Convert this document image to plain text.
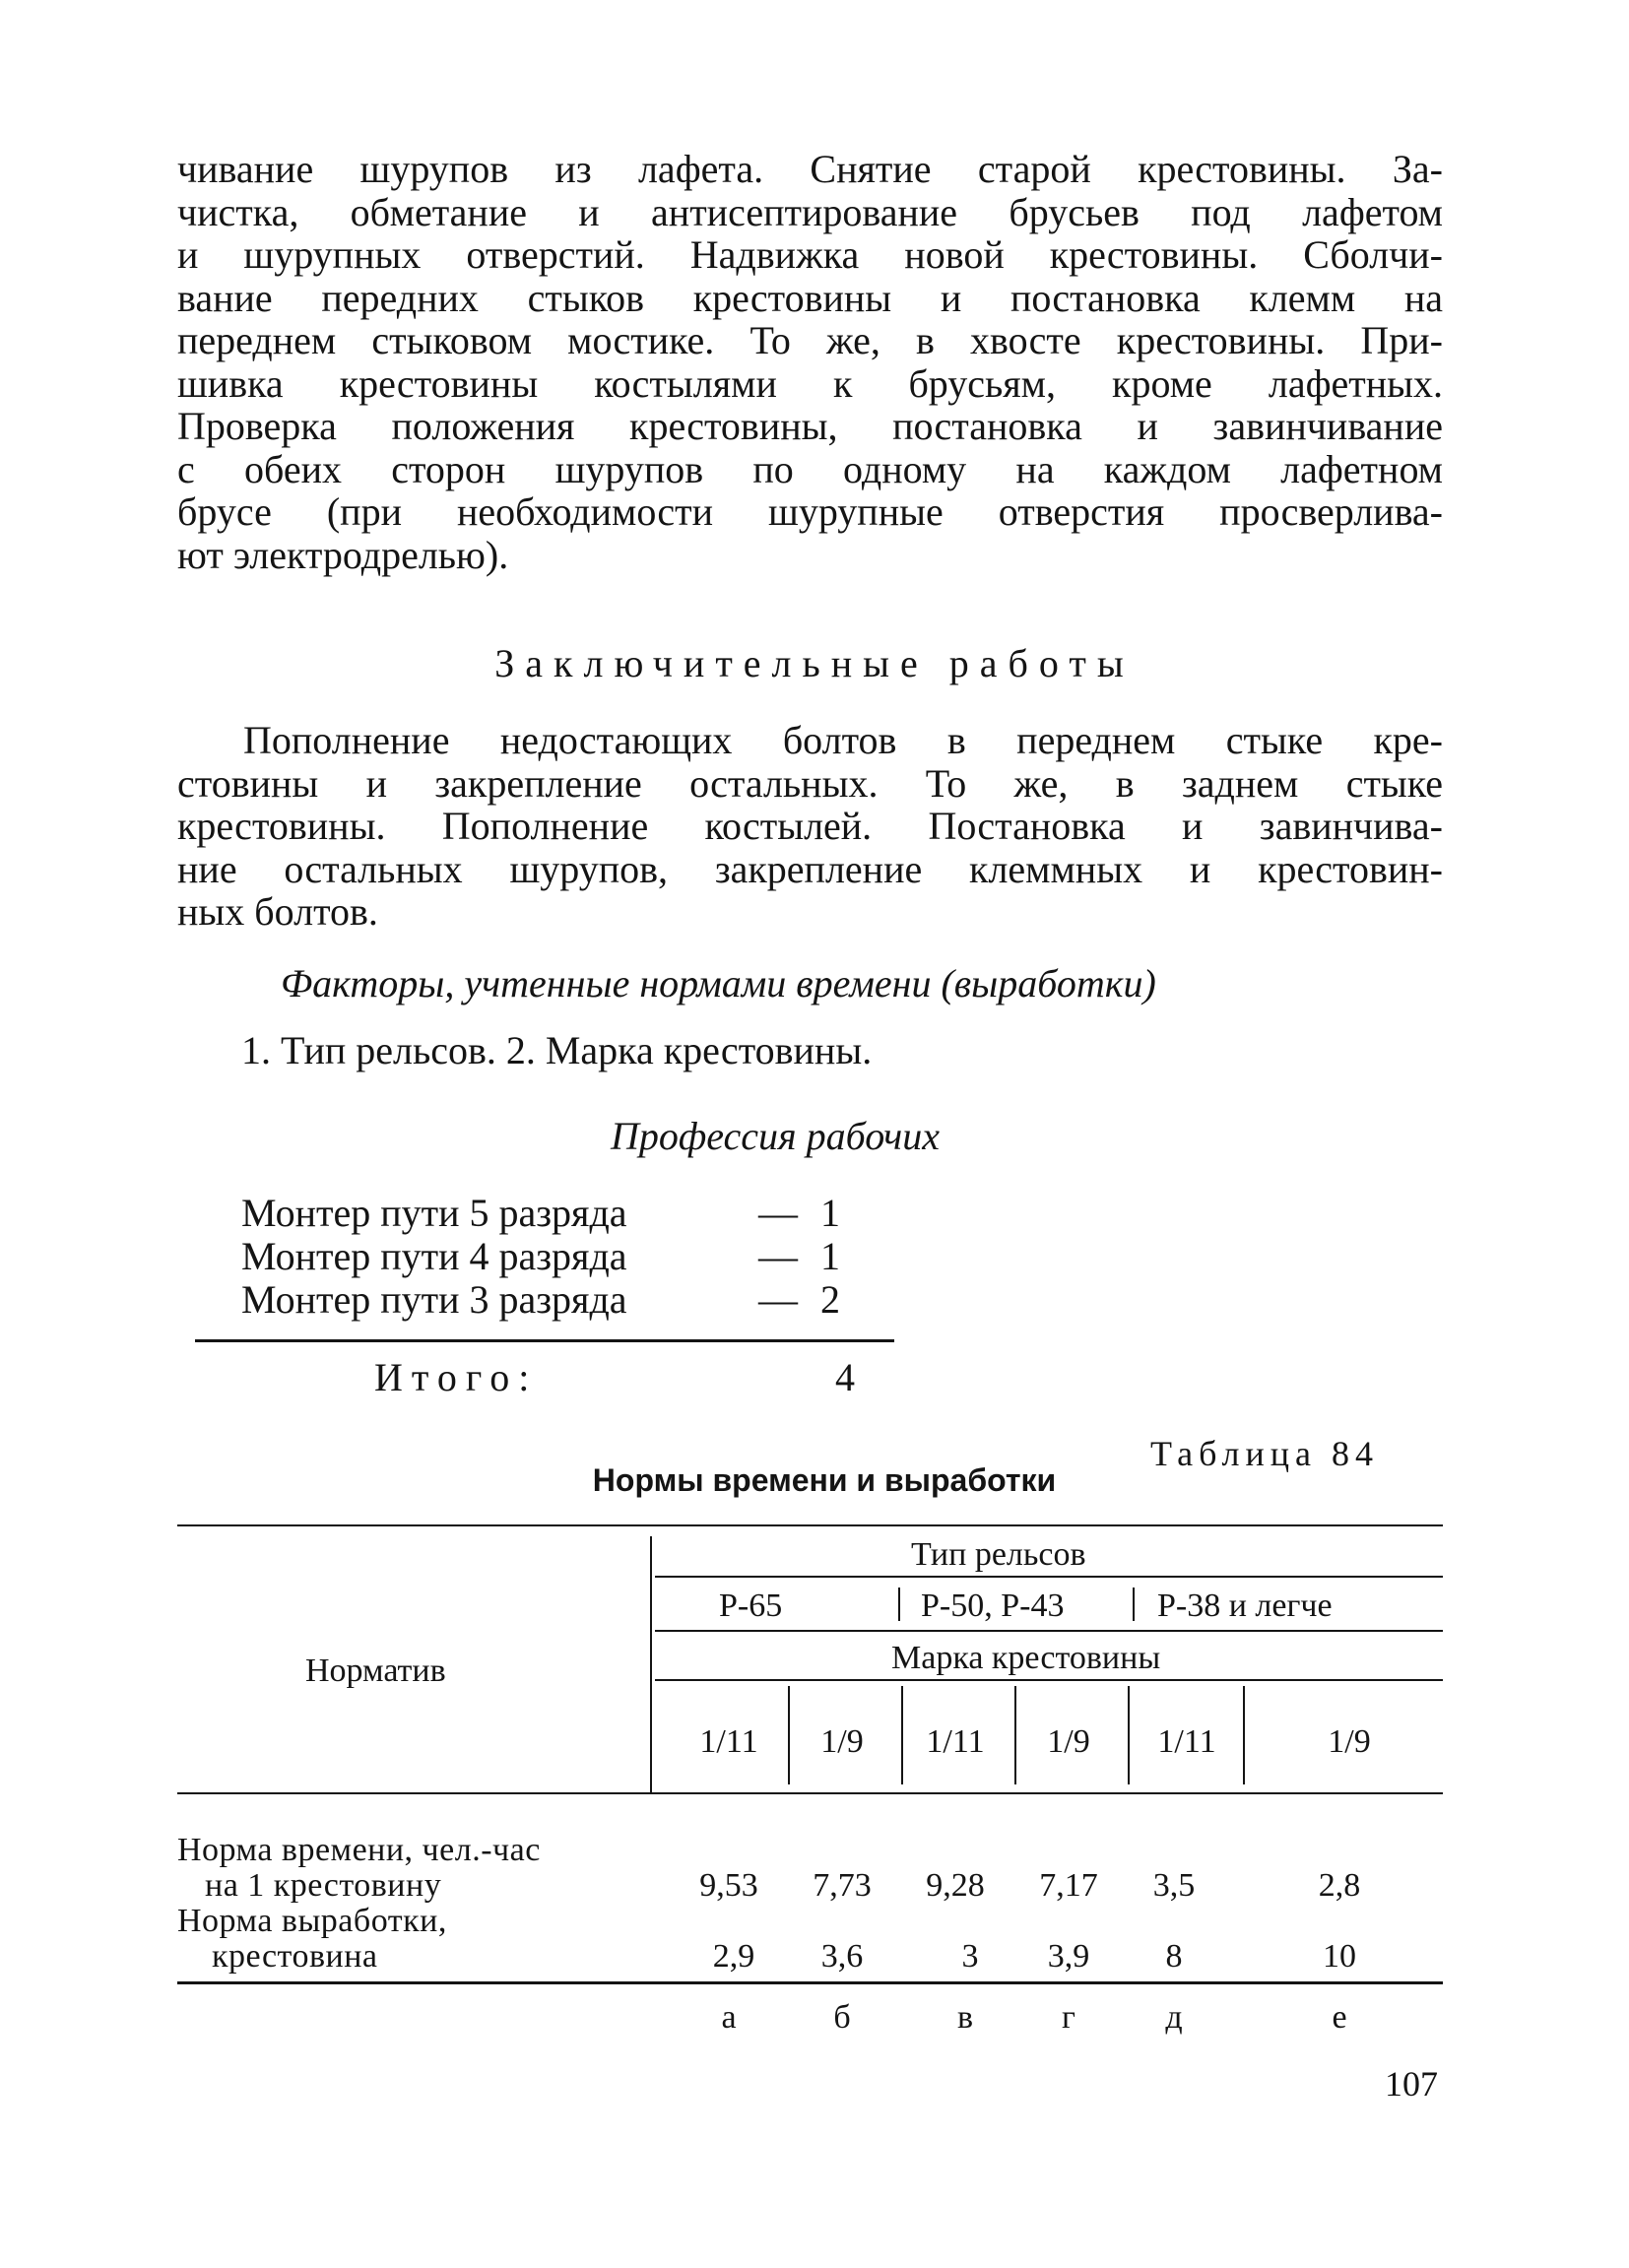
чивание шурупов из лафета. Снятие старой крестовины. За-
чистка, обметание и антисептирование брусьев под лафетом
и шурупных отверстий. Надвижка новой крестовины. Сболчи-
вание передних стыков крестовины и постановка клемм на
переднем стыковом мостике. То же, в хвосте крестовины. При-
шивка крестовины костылями к брусьям, кроме лафетных.
Проверка положения крестовины, постановка и завинчивание
с обеих сторон шурупов по одному на каждом лафетном
брусе (при необходимости шурупные отверстия просверлива-
ют электродрелью).
Заключительные работы
Пополнение недостающих болтов в переднем стыке кре-
стовины и закрепление остальных. То же, в заднем стыке
крестовины. Пополнение костылей. Постановка и завинчива-
ние остальных шурупов, закрепление клеммных и крестовин-
ных болтов.
Факторы, учтенные нормами времени (выработки)
1. Тип рельсов. 2. Марка крестовины.
Профессия рабочих
Монтер пути 5 разряда	— 1
Монтер пути 4 разряда	— 1
Монтер пути 3 разряда	— 2
Итого:	4
Таблица 84
Нормы времени и выработки
Норматив
Тип рельсов
Р-65	Р-50, Р-43	Р-38 и легче
Марка крестовины
1/11	1/9	1/11	1/9	1/11	1/9
Норма времени, чел.-час
на 1 крестовину	9,53	7,73	9,28	7,17	3,5	2,8
Норма выработки,
крестовина	2,9	3,6	3	3,9	8	10
а	б	в	г	д	е
107
